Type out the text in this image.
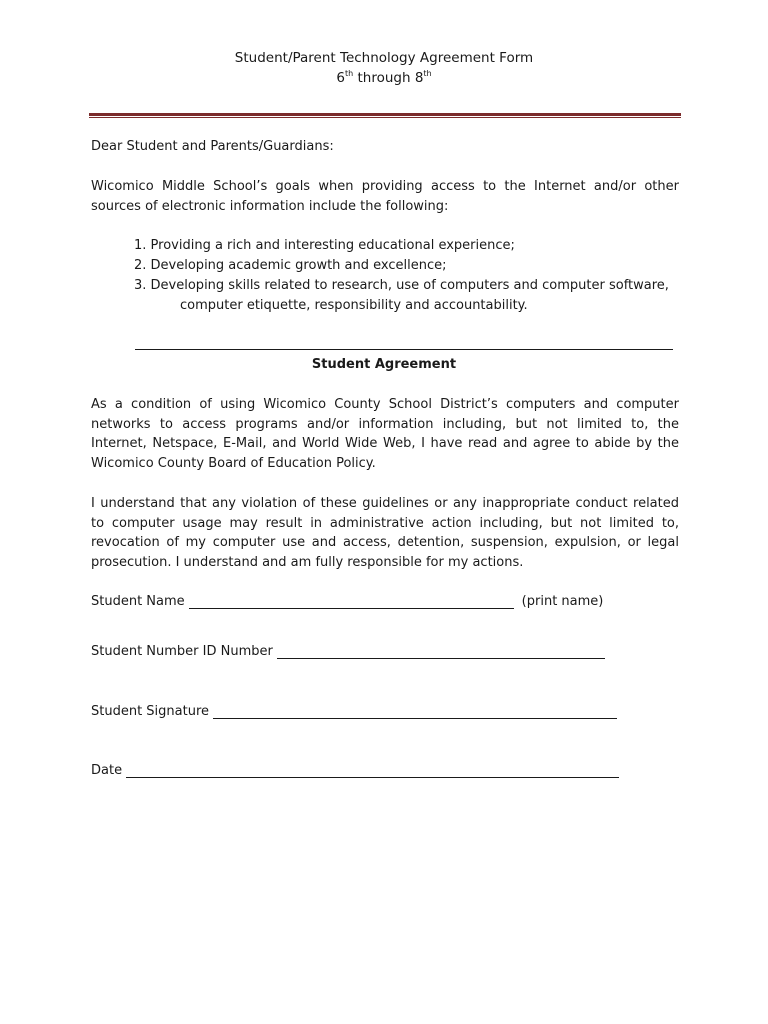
Student/Parent Technology Agreement Form
6th through 8th
Dear Student and Parents/Guardians:
Wicomico Middle School’s goals when providing access to the Internet and/or other sources of electronic information include the following:
1. Providing a rich and interesting educational experience;
2. Developing academic growth and excellence;
3. Developing skills related to research, use of computers and computer software,
computer etiquette, responsibility and accountability.
Student Agreement
As a condition of using Wicomico County School District’s computers and computer networks to access programs and/or information including, but not limited to, the Internet, Netspace, E-Mail, and World Wide Web, I have read and agree to abide by the Wicomico County Board of Education Policy.
I understand that any violation of these guidelines or any inappropriate conduct related to computer usage may result in administrative action including, but not limited to, revocation of my computer use and access, detention, suspension, expulsion, or legal prosecution. I understand and am fully responsible for my actions.
Student Name	(print name)
Student Number ID Number
Student Signature
Date
